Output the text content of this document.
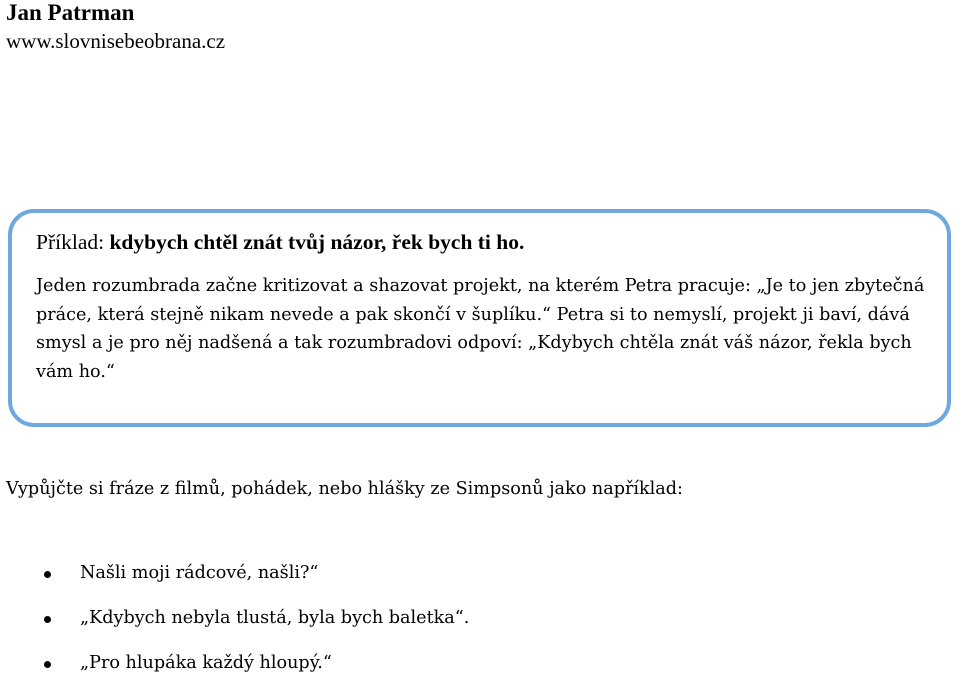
Jan Patrman
www.slovnisebeobrana.cz
Příklad: kdybych chtěl znát tvůj názor, řek bych ti ho.
Jeden rozumbrada začne kritizovat a shazovat projekt, na kterém Petra pracuje: „Je to jen zbytečná práce, která stejně nikam nevede a pak skončí v šuplíku.“ Petra si to nemyslí, projekt ji baví, dává smysl a je pro něj nadšená a tak rozumbradovi odpoví: „Kdybych chtěla znát váš názor, řekla bych vám ho.“
Vypůjčte si fráze z filmů, pohádek, nebo hlášky ze Simpsonů jako například:
Našli moji rádcové, našli?“
„Kdybych nebyla tlustá, byla bych baletka“.
„Pro hlupáka každý hloupý.“
